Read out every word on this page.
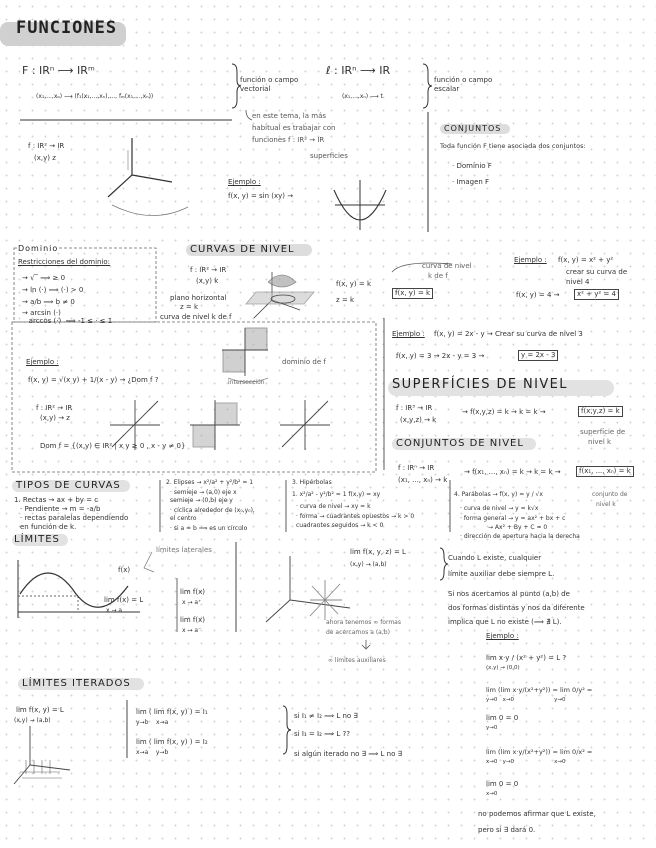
FUNCIONES
F : IRⁿ ⟶ IRᵐ
(x₁,...,xₙ) ⟶ (f₁(x₁,...,xₙ),..., fₘ(x₁,...,xₙ))
función o campo vectorial
ℓ : IRⁿ ⟶ IR
(x₁,...,xₙ) ⟶ t
función o campo escalar
en este tema, la más
habitual es trabajar con
funciones f : IR² → IR
superficies
f : IR² → IR
(x,y) z
Ejemplo :
f(x, y) = sin (xy) →
CONJUNTOS
Toda función F tiene asociada dos conjuntos:
· Dominio F
· Imagen F
Dominio
Restricciones del dominio:
→ √‾ ⟹ ≥ 0
→ ln (·) ⟹ (·) > 0
→ a/b ⟹ b ≠ 0
→ arcsin (·)
arccos (·)  ⟹ -1 ≤ · ≤ 1
Ejemplo :
f(x, y) = √(x y) + 1/(x - y) → ¿Dom f ?
f : IR² → IR
(x,y) → z
Dom f = {(x,y) ∈ IR² | x y ≥ 0 , x - y ≠ 0}
intersección
dominio de f
CURVAS DE NIVEL
f : IR² → IR
(x,y) k
plano horizontal
z = k
curva de nivel k de f
f(x, y) = k
z = k
f(x, y) = k
curva de nivel
k de f
Ejemplo : f(x, y) = x² + y²
crear su curva de
nivel 4
f(x, y) = 4 →	x² + y² = 4
Ejemplo : f(x, y) = 2x - y → Crear su curva de nivel 3
f(x, y) = 3 → 2x - y = 3 →	y = 2x - 3
SUPERFÍCIES DE NIVEL
f : IR³ → IR
(x,y,z) → k
→ f(x,y,z) = k → k = k →	f(x,y,z) = k
superfície de
nivel k
CONJUNTOS DE NIVEL
f : IRⁿ → IR
(x₁, ..., xₙ) → k
→ f(x₁, ..., xₙ) = k → k = k →	f(x₁, ..., xₙ) = k
TIPOS DE CURVAS
1. Rectas → ax + by = c
· Pendiente → m = -a/b
· rectas paralelas dependiendo
en función de k.
2. Elipses → x²/a² + y²/b² = 1
· semieje → (a,0) eje x
semieje → (0,b) eje y
· cíclica alrededor de (x₀,y₀),
el centro
· si a = b ⟹ es un círculo
3. Hipérbolas
1. x²/a² - y²/b² = 1 f(x,y) = xy
· curva de nivel → xy = k
· forma → cuadrantes opuestos → k > 0
cuadrantes seguidos → k < 0
4. Parábolas → f(x, y) = y / √x
· curva de nivel → y = k√x
· forma general → y = ax² + bx + c
→ Ax² + By + C = 0
· dirección de apertura hacia la derecha
conjunto de
nivel k
LÍMITES
f(x)
lim f(x) = L
x → a
lim f(x)
x → a⁺
lim f(x)
x → a⁻
límites laterales	lim f(x, y, z) = L
(x,y) → (a,b)
Cuando L existe, cualquier
límite auxiliar debe siempre L.
Si nos acercamos al punto (a,b) de
dos formas distintas y nos da diferente
implica que L no existe (⟹ ∄ L).
Ejemplo :
ahora tenemos ∞ formas
de acercarnos a (a,b)
∞ límites auxiliares	lim x·y / (x² + y²) = L ?
(x,y) → (0,0)
lim (lim x·y/(x²+y²)) = lim 0/y² =
y→0   x→0                       y→0
lim 0 = 0
y→0
lim (lim x·y/(x²+y²)) = lim 0/x² =
x→0   y→0                       x→0
lim 0 = 0
x→0
no podemos afirmar que L existe,
pero si ∃ dará 0.
LÍMITES ITERADOS
lim f(x, y) = L
(x,y) → (a,b)
lim ( lim f(x, y) ) = I₁
y→b    x→a
lim ( lim f(x, y) ) = I₂
x→a    y→b
si I₁ ≠ I₂ ⟹ L no ∃
si I₁ = I₂ ⟹ L ??
si algún iterado no ∃ ⟹ L no ∃
